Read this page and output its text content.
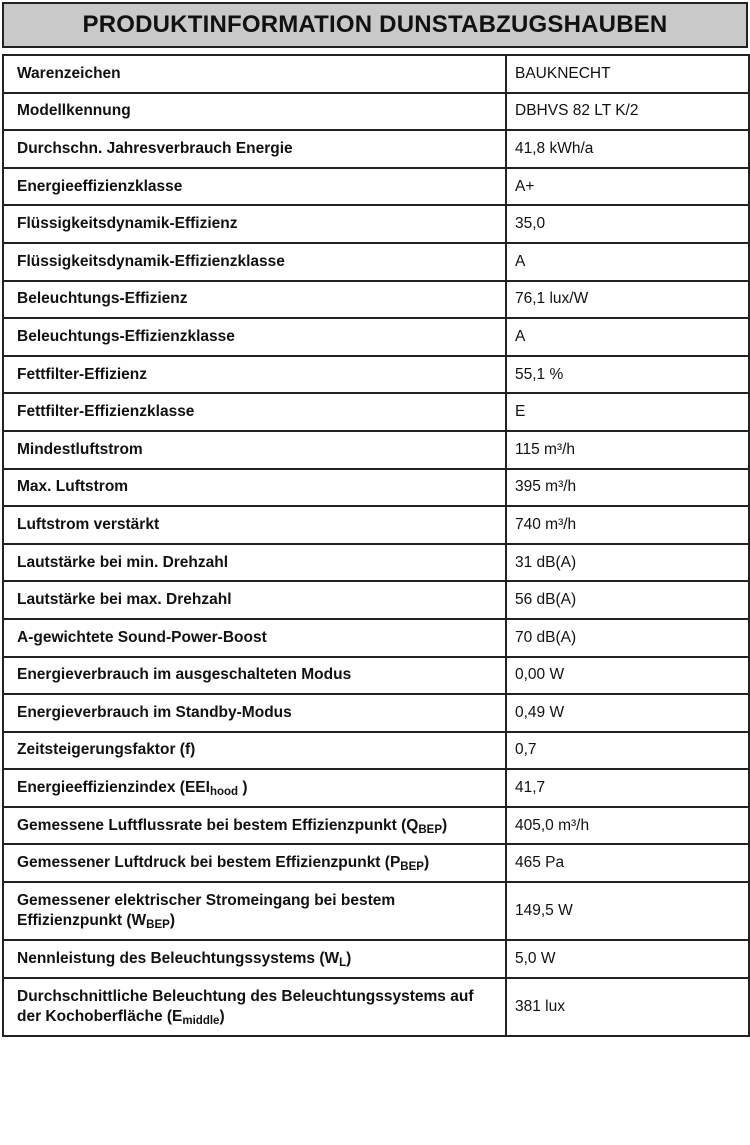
PRODUKTINFORMATION DUNSTABZUGSHAUBEN
Warenzeichen	BAUKNECHT
Modellkennung	DBHVS 82 LT K/2
Durchschn. Jahresverbrauch Energie	41,8 kWh/a
Energieeffizienzklasse	A+
Flüssigkeitsdynamik-Effizienz	35,0
Flüssigkeitsdynamik-Effizienzklasse	A
Beleuchtungs-Effizienz	76,1 lux/W
Beleuchtungs-Effizienzklasse	A
Fettfilter-Effizienz	55,1 %
Fettfilter-Effizienzklasse	E
Mindestluftstrom	115 m³/h
Max. Luftstrom	395 m³/h
Luftstrom verstärkt	740 m³/h
Lautstärke bei min. Drehzahl	31 dB(A)
Lautstärke bei max. Drehzahl	56 dB(A)
A-gewichtete Sound-Power-Boost	70 dB(A)
Energieverbrauch im ausgeschalteten Modus	0,00 W
Energieverbrauch im Standby-Modus	0,49 W
Zeitsteigerungsfaktor (f)	0,7
Energieeffizienzindex ($EEI_{hood}$ )	41,7
Gemessene Luftflussrate bei bestem Effizienzpunkt $(Q_{BEP})$	405,0 m³/h
Gemessener Luftdruck bei bestem Effizienzpunkt $(P_{BEP})$	465 Pa
Gemessener elektrischer Stromeingang bei bestem Effizienzpunkt $(W_{BEP})$	149,5 W
Nennleistung des Beleuchtungssystems $(W_L)$	5,0 W
Durchschnittliche Beleuchtung des Beleuchtungssystems auf der Kochoberfläche $(E_{middle})$	381 lux
